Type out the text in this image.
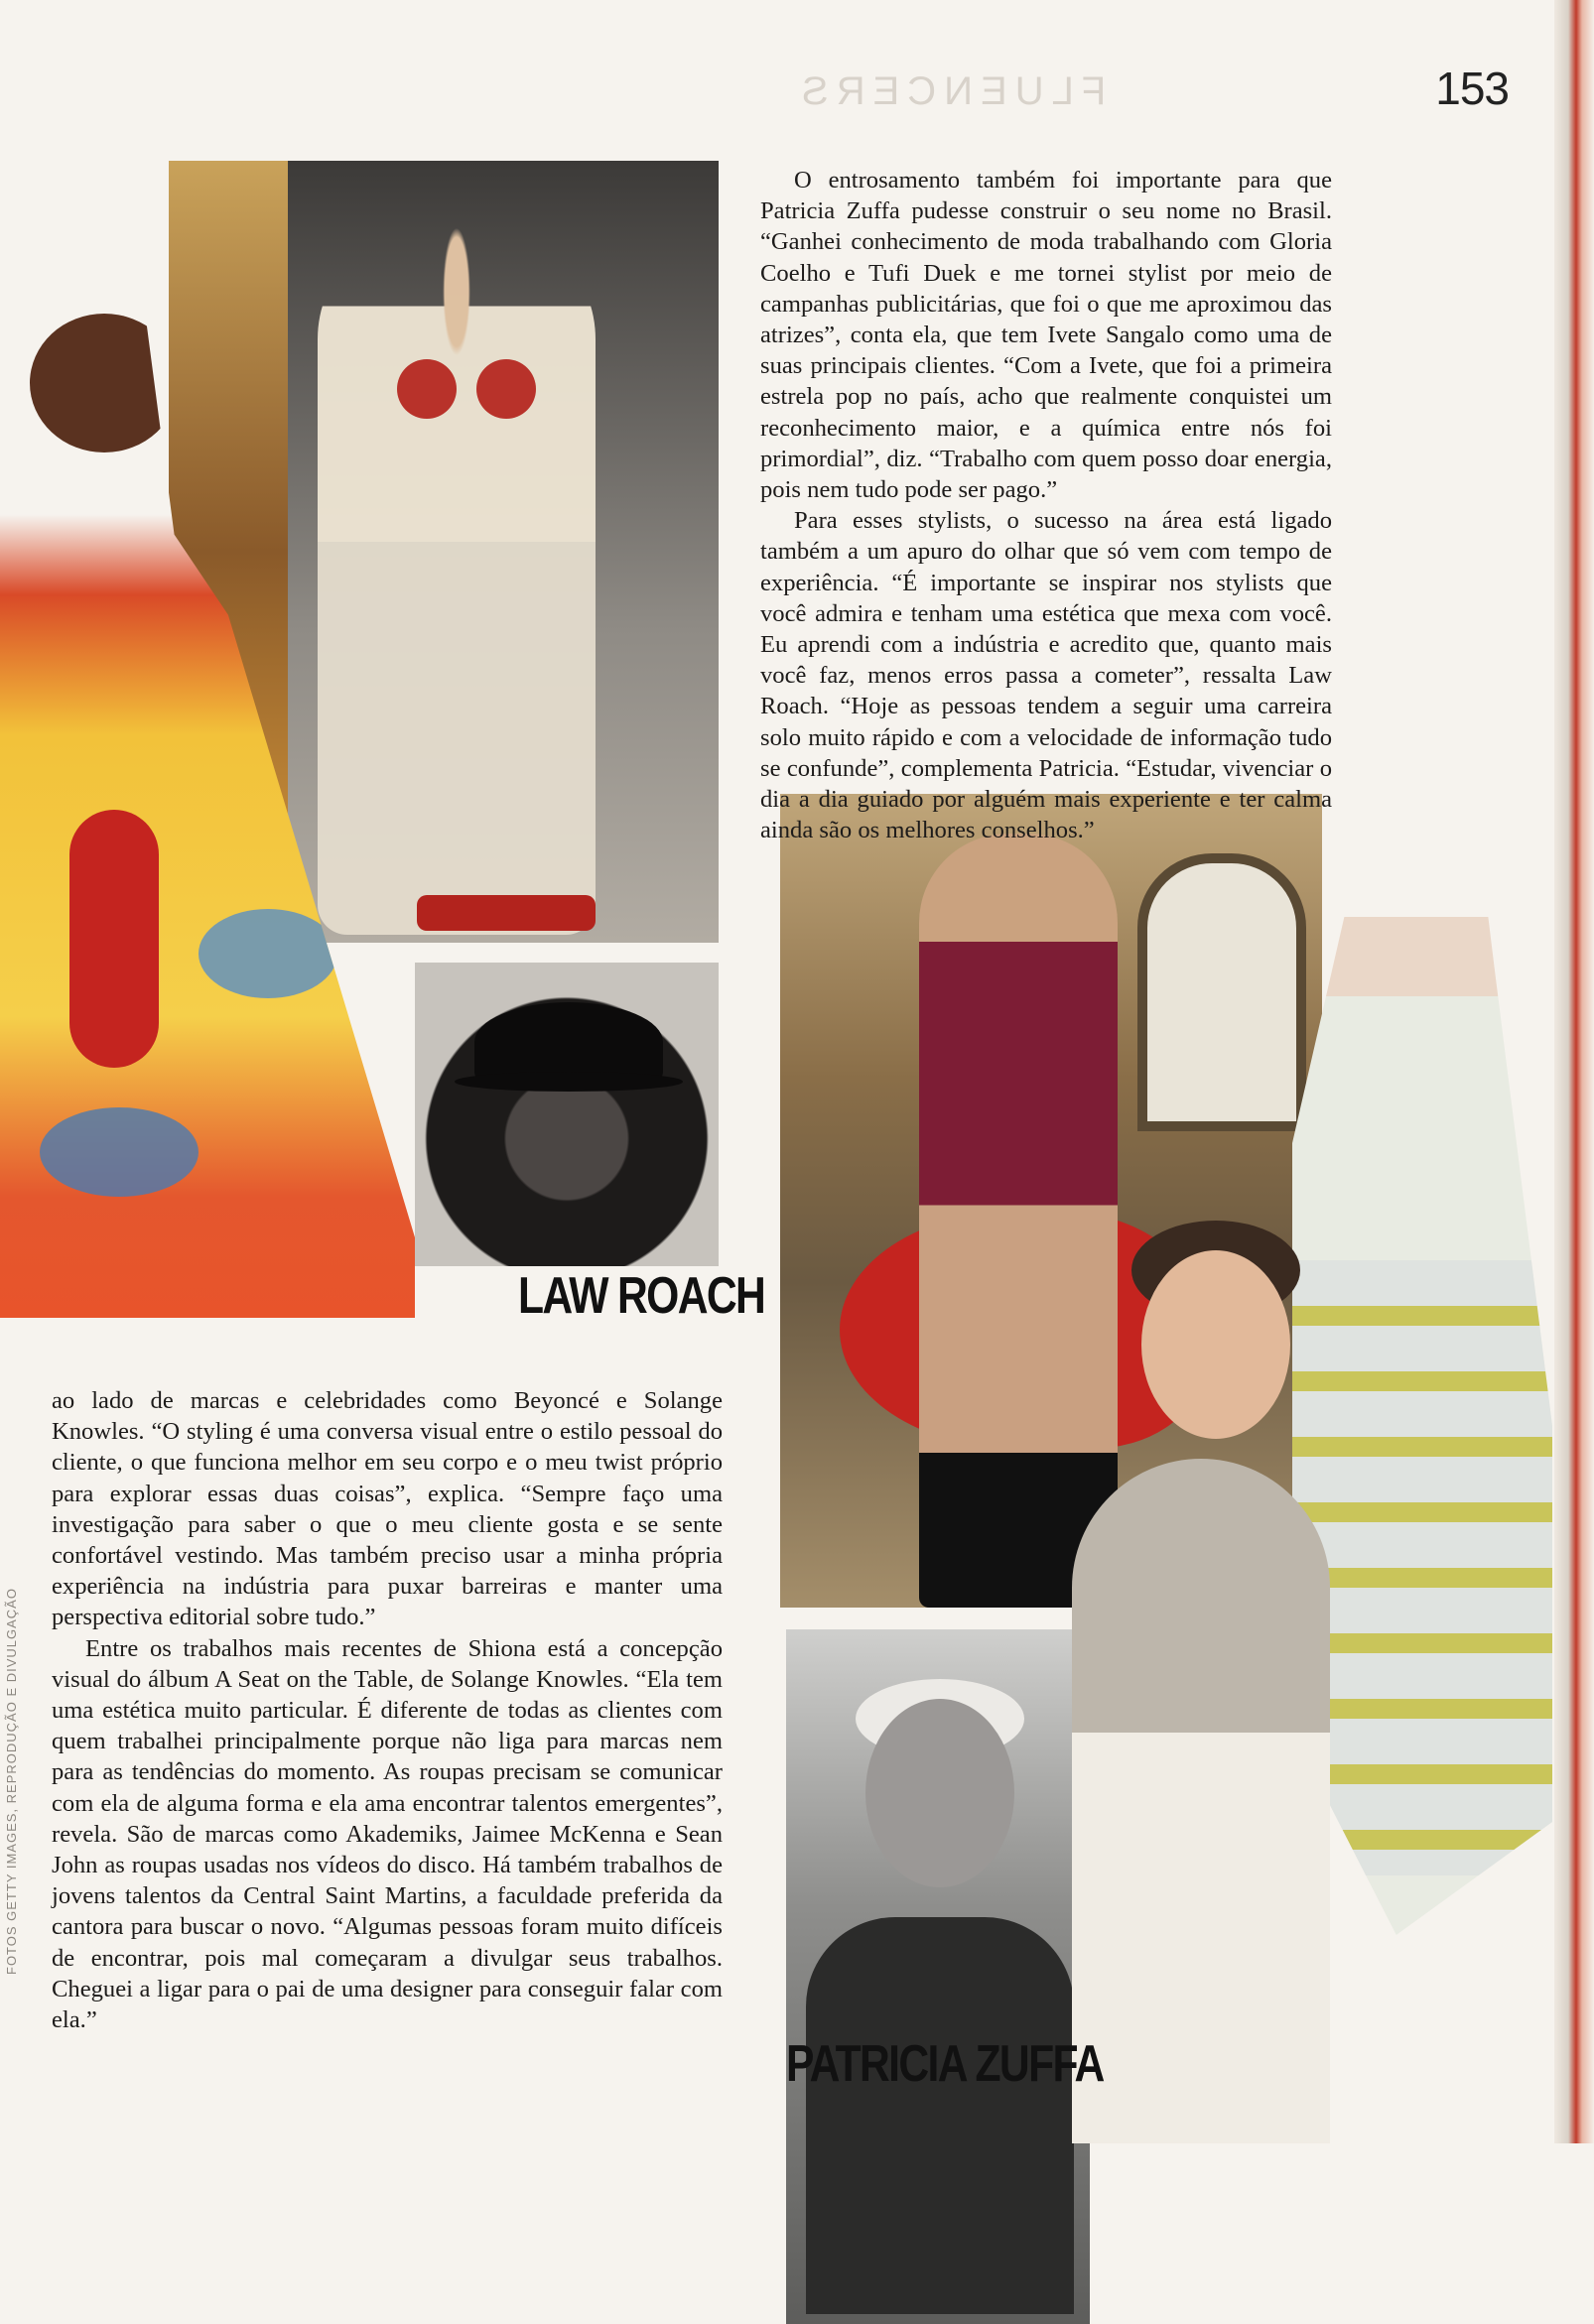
FLUENCERS	153
LAW ROACH
PATRICIA ZUFFA

O entrosamento também foi importante para que Patricia Zuffa pudesse construir o seu nome no Brasil. “Ganhei conhecimento de moda trabalhando com Gloria Coelho e Tufi Duek e me tornei stylist por meio de campanhas publicitárias, que foi o que me aproximou das atrizes”, conta ela, que tem Ivete Sangalo como uma de suas principais clientes. “Com a Ivete, que foi a primeira estrela pop no país, acho que realmente conquistei um reconhecimento maior, e a química entre nós foi primordial”, diz. “Trabalho com quem posso doar energia, pois nem tudo pode ser pago.”

Para esses stylists, o sucesso na área está ligado também a um apuro do olhar que só vem com tempo de experiência. “É importante se inspirar nos stylists que você admira e tenham uma estética que mexa com você. Eu aprendi com a indústria e acredito que, quanto mais você faz, menos erros passa a cometer”, ressalta Law Roach. “Hoje as pessoas tendem a seguir uma carreira solo muito rápido e com a velocidade de informação tudo se confunde”, complementa Patricia. “Estudar, vivenciar o dia a dia guiado por alguém mais experiente e ter calma ainda são os melhores conselhos.”

ao lado de marcas e celebridades como Beyoncé e Solange Knowles. “O styling é uma conversa visual entre o estilo pessoal do cliente, o que funciona melhor em seu corpo e o meu twist próprio para explorar essas duas coisas”, explica. “Sempre faço uma investigação para saber o que o meu cliente gosta e se sente confortável vestindo. Mas também preciso usar a minha própria experiência na indústria para puxar barreiras e manter uma perspectiva editorial sobre tudo.”

Entre os trabalhos mais recentes de Shiona está a concepção visual do álbum A Seat on the Table, de Solange Knowles. “Ela tem uma estética muito particular. É diferente de todas as clientes com quem trabalhei principalmente porque não liga para marcas nem para as tendências do momento. As roupas precisam se comunicar com ela de alguma forma e ela ama encontrar talentos emergentes”, revela. São de marcas como Akademiks, Jaimee McKenna e Sean John as roupas usadas nos vídeos do disco. Há também trabalhos de jovens talentos da Central Saint Martins, a faculdade preferida da cantora para buscar o novo. “Algumas pessoas foram muito difíceis de encontrar, pois mal começaram a divulgar seus trabalhos. Cheguei a ligar para o pai de uma designer para conseguir falar com ela.”

FOTOS GETTY IMAGES, REPRODUÇÃO E DIVULGAÇÃO
